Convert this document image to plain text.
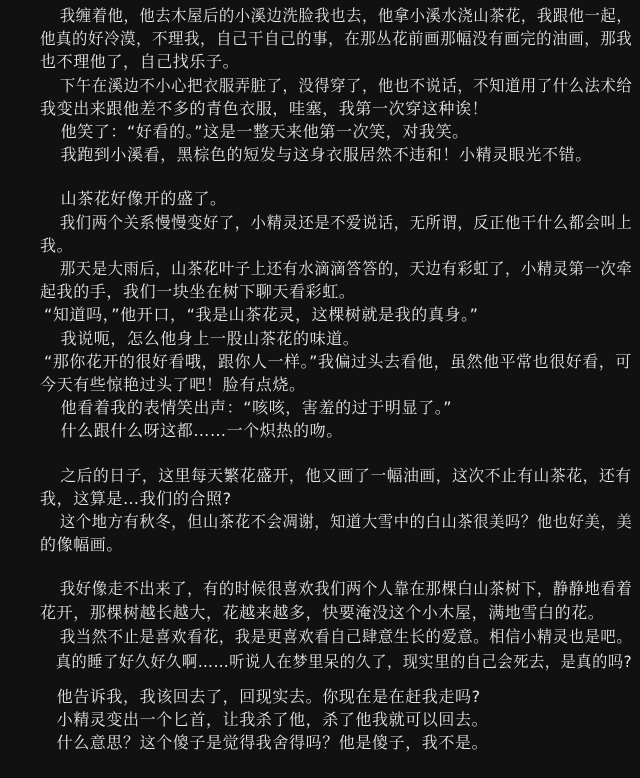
　我缠着他，他去木屋后的小溪边洗脸我也去，他拿小溪水浇山茶花，我跟他一起，
他真的好冷漠，不理我，自己干自己的事，在那丛花前画那幅没有画完的油画，那我
也不理他了，自己找乐子。
　下午在溪边不小心把衣服弄脏了，没得穿了，他也不说话，不知道用了什么法术给
我变出来跟他差不多的青色衣服，哇塞，我第一次穿这种诶！
　他笑了：“好看的。”这是一整天来他第一次笑，对我笑。
　我跑到小溪看，黑棕色的短发与这身衣服居然不违和！小精灵眼光不错。
　山茶花好像开的盛了。
　我们两个关系慢慢变好了，小精灵还是不爱说话，无所谓，反正他干什么都会叫上
我。
　那天是大雨后，山茶花叶子上还有水滴滴答答的，天边有彩虹了，小精灵第一次牵
起我的手，我们一块坐在树下聊天看彩虹。
“知道吗，”他开口，“我是山茶花灵，这棵树就是我的真身。”
　我说呃，怎么他身上一股山茶花的味道。
“那你花开的很好看哦，跟你人一样。”我偏过头去看他，虽然他平常也很好看，可
今天有些惊艳过头了吧！脸有点烧。
　他看着我的表情笑出声：“咳咳，害羞的过于明显了。”
　什么跟什么呀这都……一个炽热的吻。
　之后的日子，这里每天繁花盛开，他又画了一幅油画，这次不止有山茶花，还有
我，这算是…我们的合照?
　这个地方有秋冬，但山茶花不会凋谢，知道大雪中的白山茶很美吗？他也好美，美
的像幅画。
　我好像走不出来了，有的时候很喜欢我们两个人靠在那棵白山茶树下，静静地看着
花开，那棵树越长越大，花越来越多，快要淹没这个小木屋，满地雪白的花。
　我当然不止是喜欢看花，我是更喜欢看自己肆意生长的爱意。相信小精灵也是吧。
　真的睡了好久好久啊……听说人在梦里呆的久了，现实里的自己会死去，是真的吗?
　他告诉我，我该回去了，回现实去。你现在是在赶我走吗?
　小精灵变出一个匕首，让我杀了他，杀了他我就可以回去。
　什么意思？这个傻子是觉得我舍得吗？他是傻子，我不是。
